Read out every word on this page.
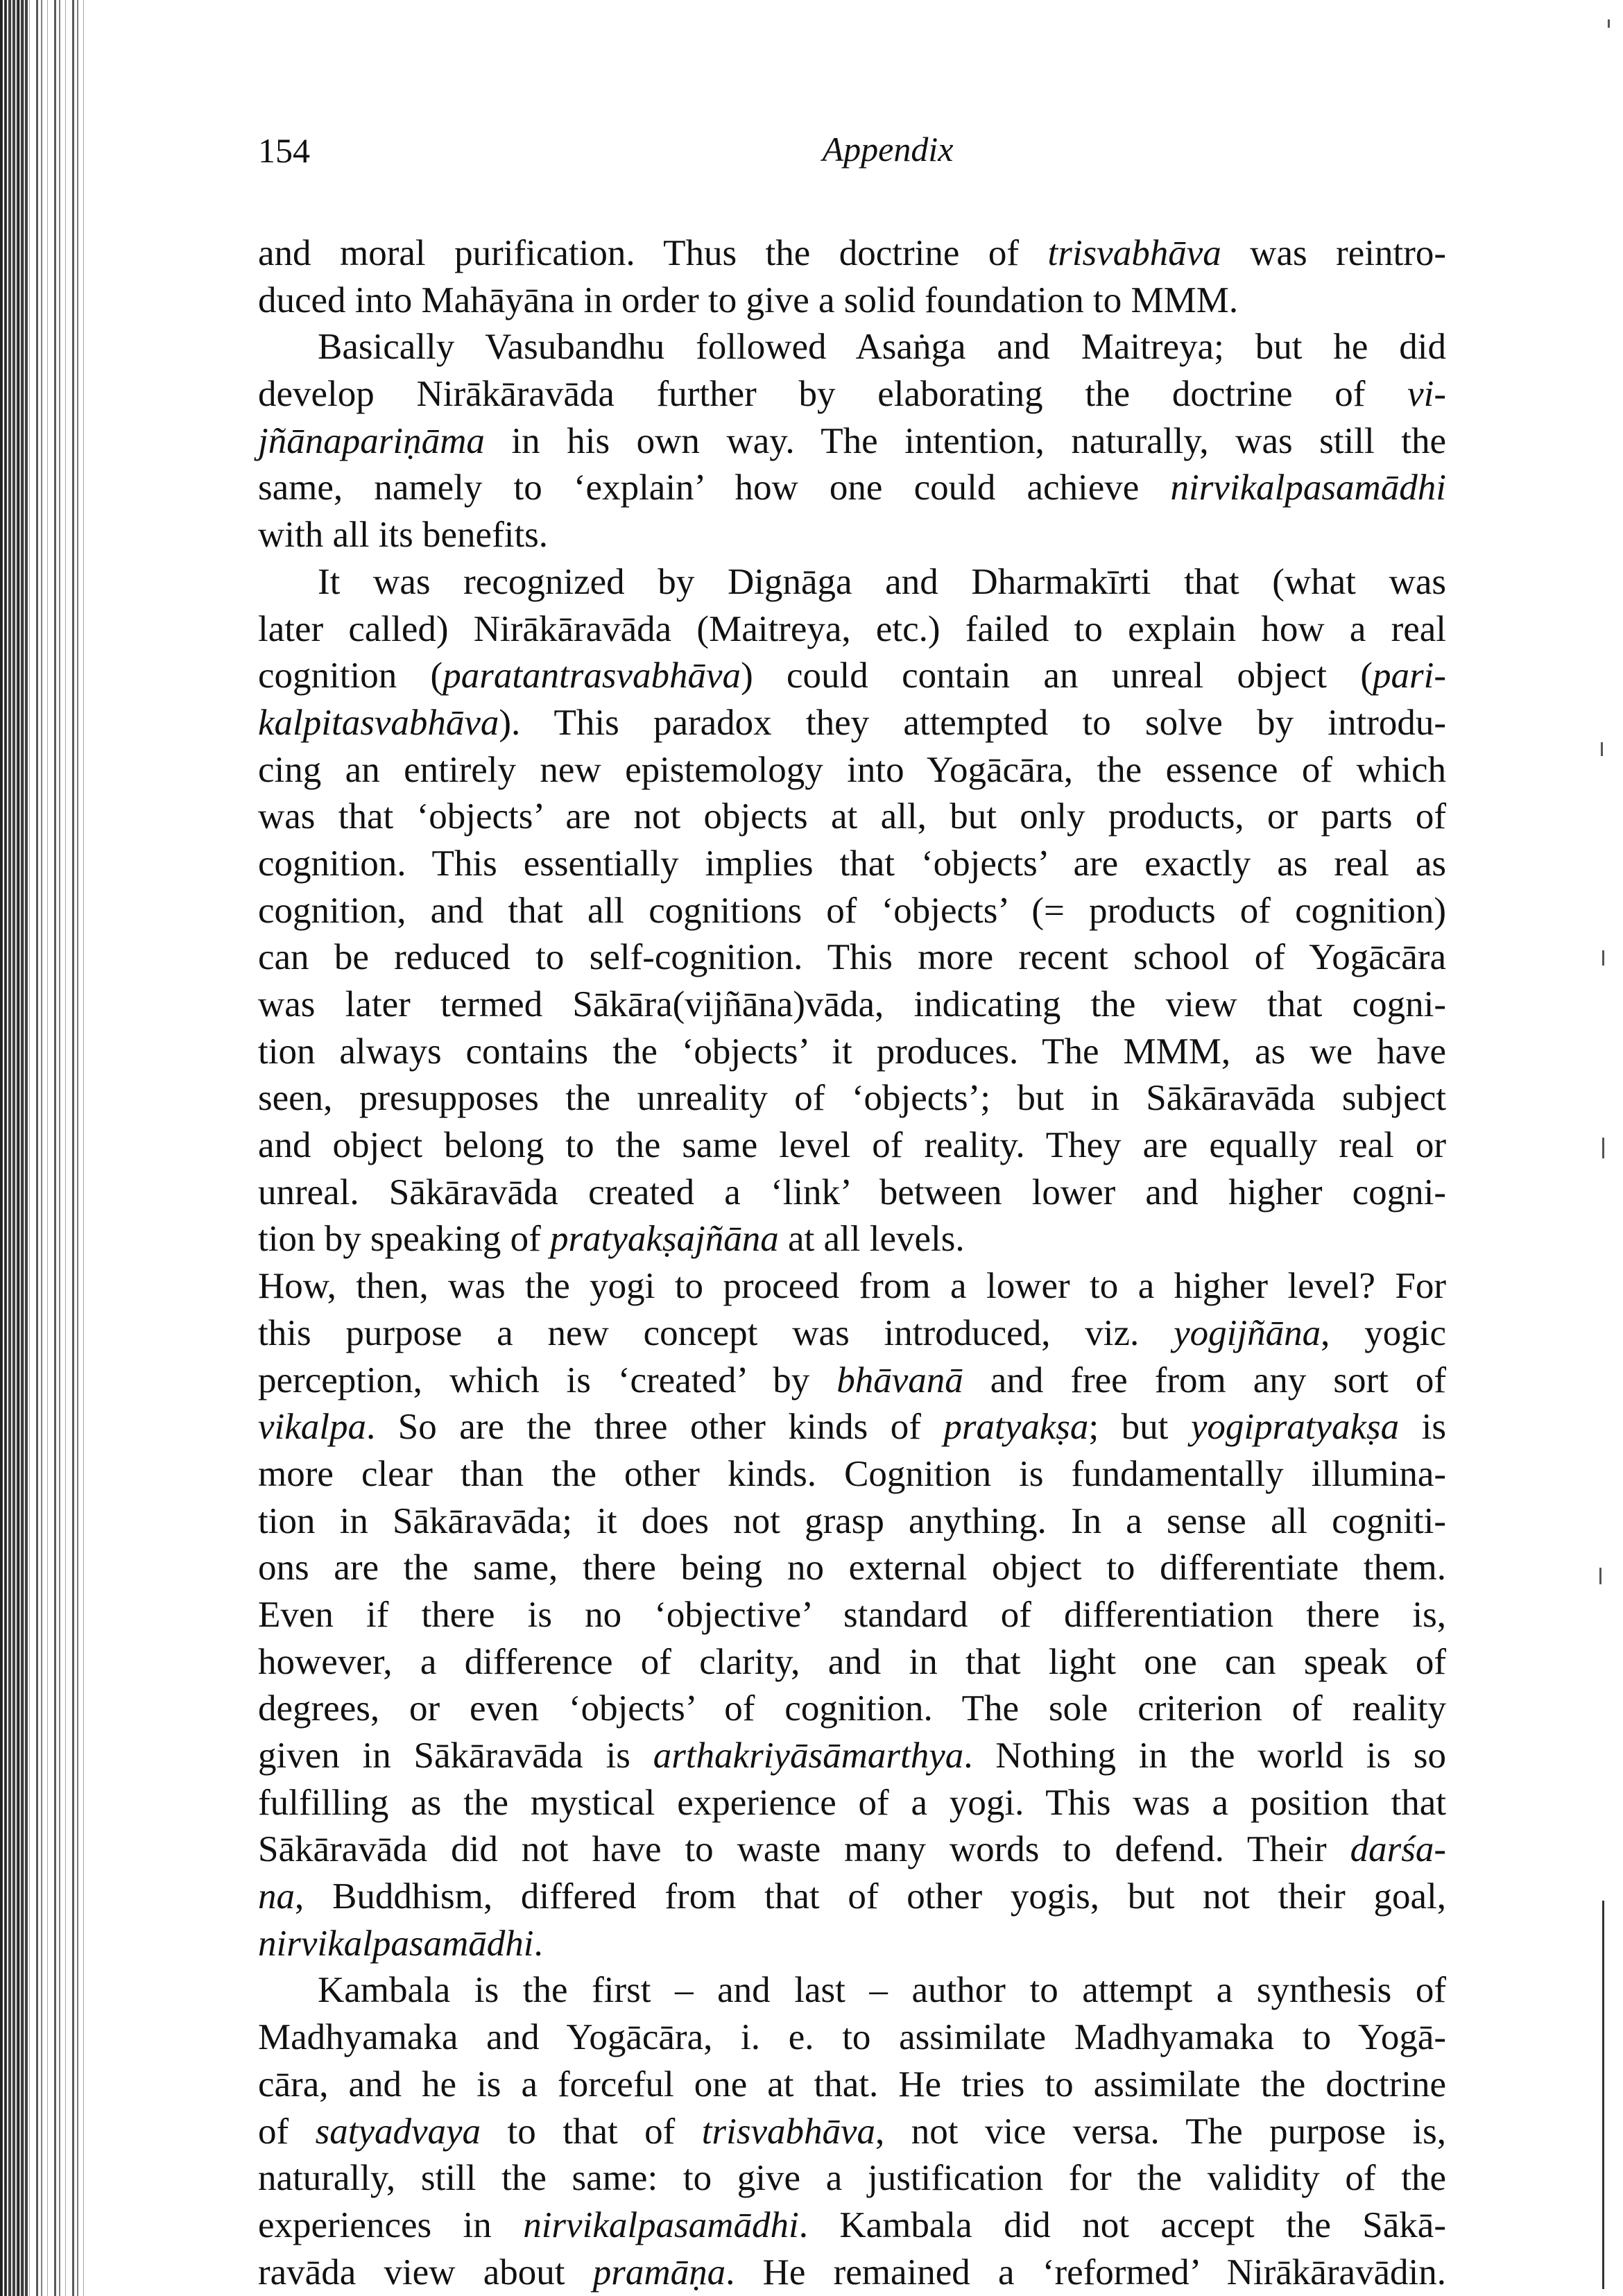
154	Appendix
and moral purification. Thus the doctrine of trisvabhāva was reintro-
duced into Mahāyāna in order to give a solid foundation to MMM.
Basically Vasubandhu followed Asaṅga and Maitreya; but he did
develop Nirākāravāda further by elaborating the doctrine of vi-
jñānapariṇāma in his own way. The intention, naturally, was still the
same, namely to ‘explain’ how one could achieve nirvikalpasamādhi
with all its benefits.
It was recognized by Dignāga and Dharmakīrti that (what was
later called) Nirākāravāda (Maitreya, etc.) failed to explain how a real
cognition (paratantrasvabhāva) could contain an unreal object (pari-
kalpitasvabhāva). This paradox they attempted to solve by introdu-
cing an entirely new epistemology into Yogācāra, the essence of which
was that ‘objects’ are not objects at all, but only products, or parts of
cognition. This essentially implies that ‘objects’ are exactly as real as
cognition, and that all cognitions of ‘objects’ (= products of cognition)
can be reduced to self-cognition. This more recent school of Yogācāra
was later termed Sākāra(vijñāna)vāda, indicating the view that cogni-
tion always contains the ‘objects’ it produces. The MMM, as we have
seen, presupposes the unreality of ‘objects’; but in Sākāravāda subject
and object belong to the same level of reality. They are equally real or
unreal. Sākāravāda created a ‘link’ between lower and higher cogni-
tion by speaking of pratyakṣajñāna at all levels.
How, then, was the yogi to proceed from a lower to a higher level? For
this purpose a new concept was introduced, viz. yogijñāna, yogic
perception, which is ‘created’ by bhāvanā and free from any sort of
vikalpa. So are the three other kinds of pratyakṣa; but yogipratyakṣa is
more clear than the other kinds. Cognition is fundamentally illumina-
tion in Sākāravāda; it does not grasp anything. In a sense all cogniti-
ons are the same, there being no external object to differentiate them.
Even if there is no ‘objective’ standard of differentiation there is,
however, a difference of clarity, and in that light one can speak of
degrees, or even ‘objects’ of cognition. The sole criterion of reality
given in Sākāravāda is arthakriyāsāmarthya. Nothing in the world is so
fulfilling as the mystical experience of a yogi. This was a position that
Sākāravāda did not have to waste many words to defend. Their darśa-
na, Buddhism, differed from that of other yogis, but not their goal,
nirvikalpasamādhi.
Kambala is the first – and last – author to attempt a synthesis of
Madhyamaka and Yogācāra, i. e. to assimilate Madhyamaka to Yogā-
cāra, and he is a forceful one at that. He tries to assimilate the doctrine
of satyadvaya to that of trisvabhāva, not vice versa. The purpose is,
naturally, still the same: to give a justification for the validity of the
experiences in nirvikalpasamādhi. Kambala did not accept the Sākā-
ravāda view about pramāṇa. He remained a ‘reformed’ Nirākāravādin.
